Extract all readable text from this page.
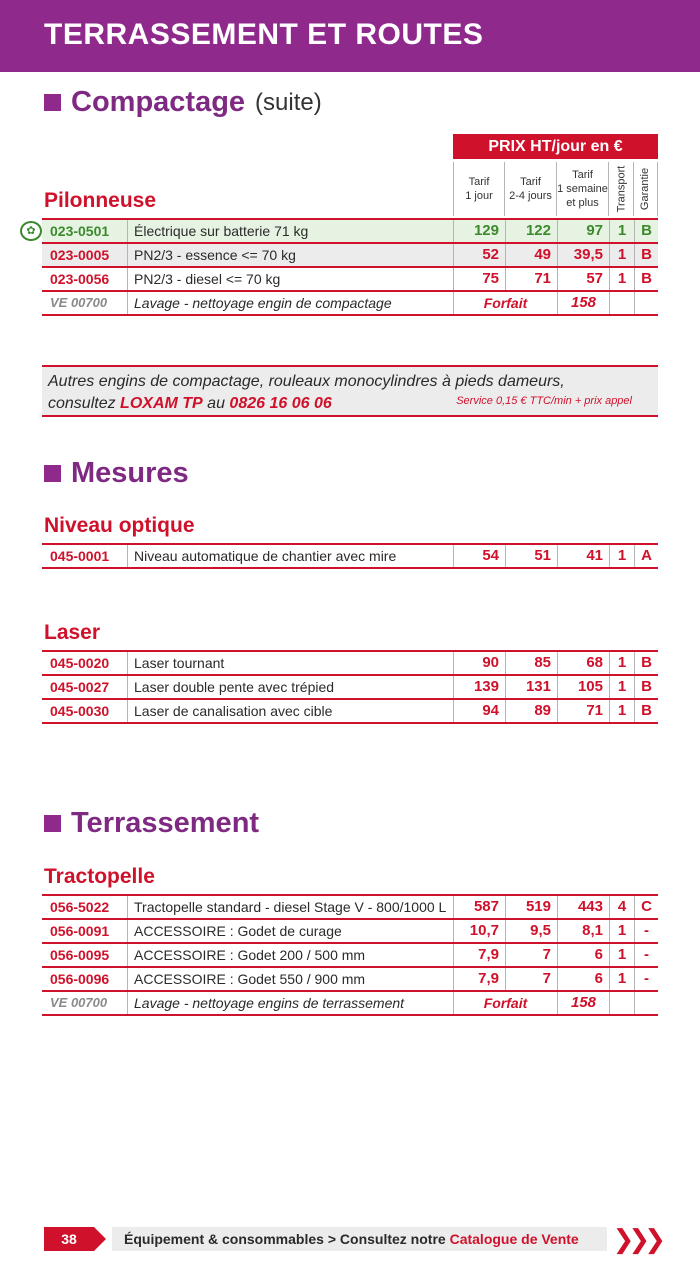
TERRASSEMENT ET ROUTES
Compactage (suite)
PRIX HT/jour en €
Tarif
1 jour
Tarif
2-4 jours
Tarif
1 semaine
et plus	Transport Garantie
Pilonneuse
✿	023-0501	Électrique sur batterie 71 kg	129	122	97 1 B
023-0005	PN2/3 - essence <= 70 kg	52	49	39,5 1 B
023-0056	PN2/3 - diesel <= 70 kg	75	71	57 1 B
VE 00700	Lavage - nettoyage engin de compactage	Forfait	158
Autres engins de compactage, rouleaux monocylindres à pieds dameurs,
consultez LOXAM TP au 0826 16 06 06	Service 0,15 € TTC/min + prix appel
Mesures
Niveau optique
045-0001	Niveau automatique de chantier avec mire	54	51	41 1 A
Laser
045-0020	Laser tournant	90	85	68 1 B
045-0027	Laser double pente avec trépied	139	131	105 1 B
045-0030	Laser de canalisation avec cible	94	89	71 1 B
Terrassement
Tractopelle
056-5022	Tractopelle standard - diesel Stage V - 800/1000 L	587	519	443 4 C
056-0091	ACCESSOIRE : Godet de curage	10,7	9,5	8,1 1	-
056-0095	ACCESSOIRE : Godet 200 / 500 mm	7,9	7	6 1	-
056-0096	ACCESSOIRE : Godet 550 / 900 mm	7,9	7	6 1	-
VE 00700	Lavage - nettoyage engins de terrassement	Forfait	158
38	Équipement & consommables > Consultez notre Catalogue de Vente	❯❯❯
